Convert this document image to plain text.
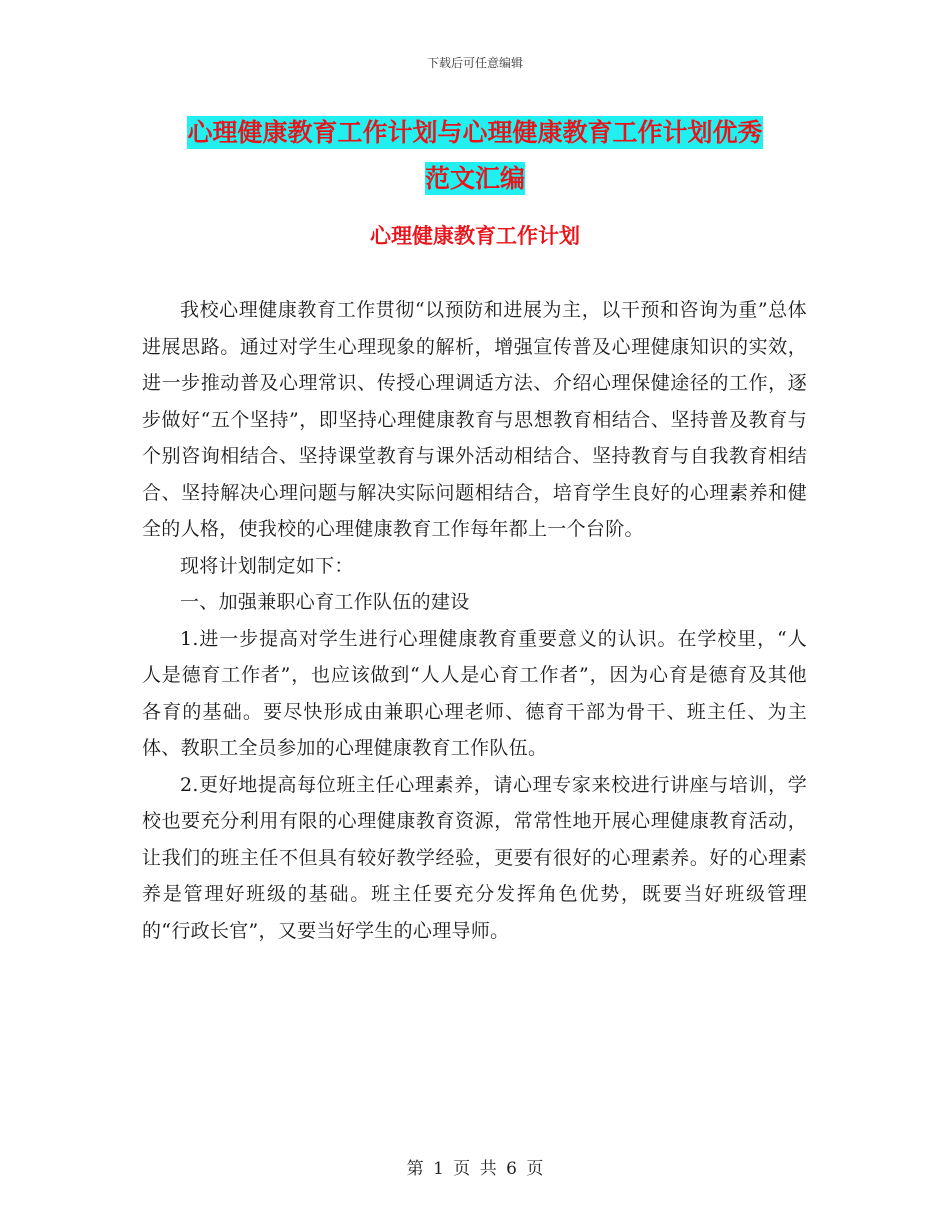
下载后可任意编辑
心理健康教育工作计划与心理健康教育工作计划优秀
范文汇编
心理健康教育工作计划

我校心理健康教育工作贯彻“以预防和进展为主，以干预和咨询为重”总体进展思路。通过对学生心理现象的解析，增强宣传普及心理健康知识的实效，进一步推动普及心理常识、传授心理调适方法、介绍心理保健途径的工作，逐步做好“五个坚持”，即坚持心理健康教育与思想教育相结合、坚持普及教育与个别咨询相结合、坚持课堂教育与课外活动相结合、坚持教育与自我教育相结合、坚持解决心理问题与解决实际问题相结合，培育学生良好的心理素养和健全的人格，使我校的心理健康教育工作每年都上一个台阶。

现将计划制定如下：

一、加强兼职心育工作队伍的建设

1.进一步提高对学生进行心理健康教育重要意义的认识。在学校里，“人人是德育工作者”，也应该做到“人人是心育工作者”，因为心育是德育及其他各育的基础。要尽快形成由兼职心理老师、德育干部为骨干、班主任、为主体、教职工全员参加的心理健康教育工作队伍。

2.更好地提高每位班主任心理素养，请心理专家来校进行讲座与培训，学校也要充分利用有限的心理健康教育资源，常常性地开展心理健康教育活动，让我们的班主任不但具有较好教学经验，更要有很好的心理素养。好的心理素养是管理好班级的基础。班主任要充分发挥角色优势，既要当好班级管理的“行政长官”，又要当好学生的心理导师。

第 1 页 共 6 页
